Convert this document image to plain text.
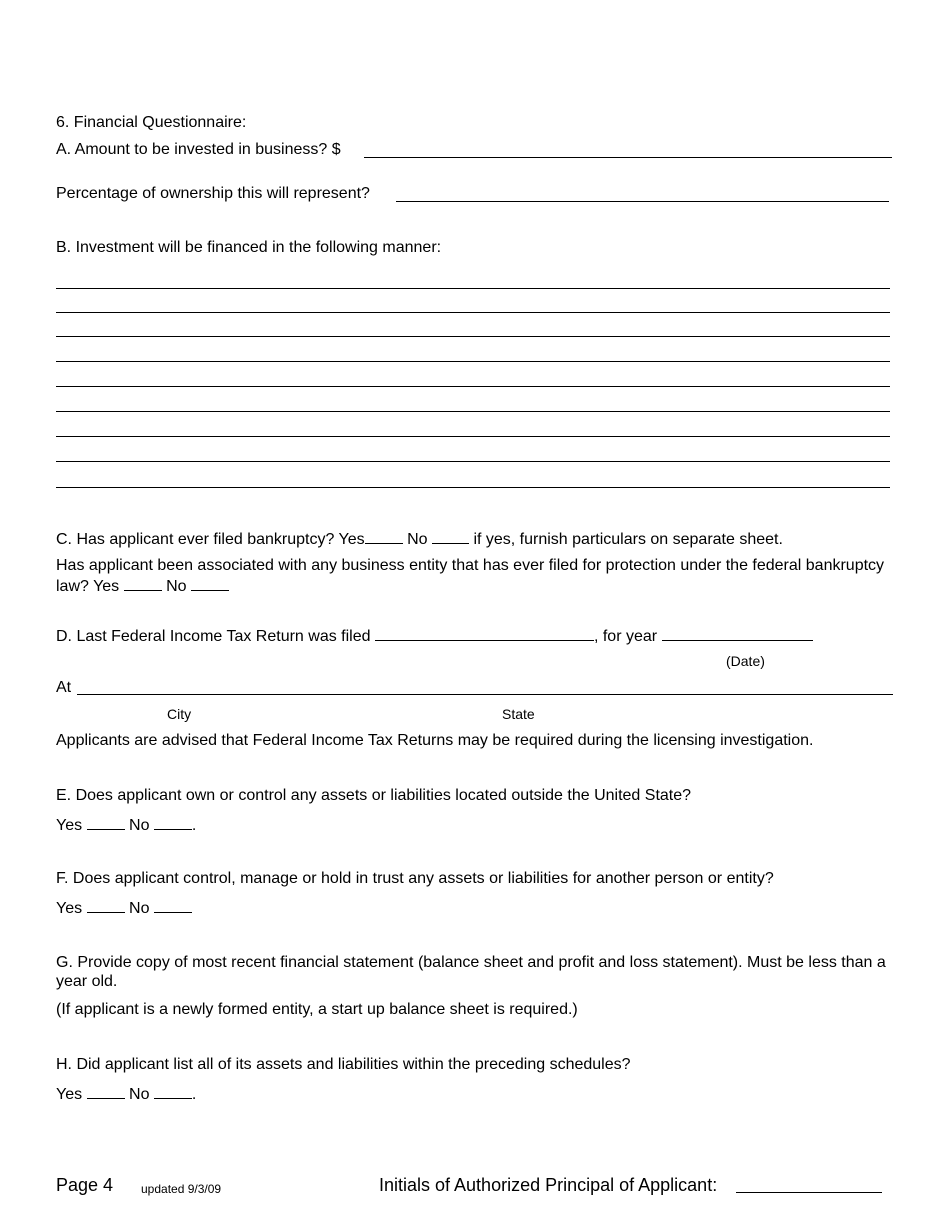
6. Financial Questionnaire:
A. Amount to be invested in business? $
Percentage of ownership this will represent?
B. Investment will be financed in the following manner:
C. Has applicant ever filed bankruptcy? Yes	No	if yes, furnish particulars on separate sheet.
Has applicant been associated with any business entity that has ever filed for protection under the federal bankruptcy law? Yes	No
D. Last Federal Income Tax Return was filed	, for year
(Date)
At
City	State
Applicants are advised that Federal Income Tax Returns may be required during the licensing investigation.
E. Does applicant own or control any assets or liabilities located outside the United State?
Yes	No	.
F. Does applicant control, manage or hold in trust any assets or liabilities for another person or entity?
Yes	No
G. Provide copy of most recent financial statement (balance sheet and profit and loss statement). Must be less than a year old.
(If applicant is a newly formed entity, a start up balance sheet is required.)
H. Did applicant list all of its assets and liabilities within the preceding schedules?
Yes	No	.
Page 4 updated 9/3/09	Initials of Authorized Principal of Applicant:
